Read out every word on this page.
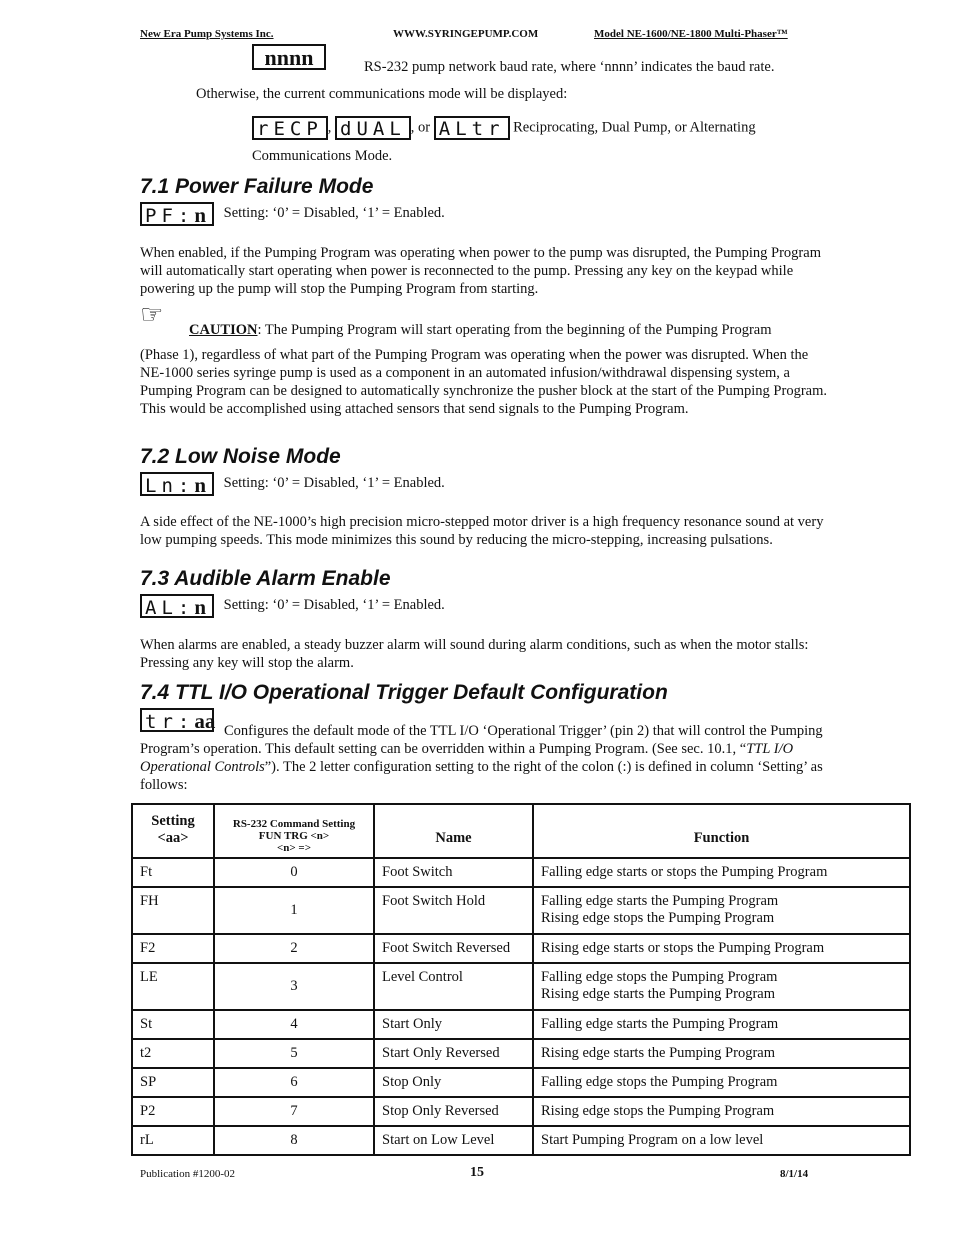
New Era Pump Systems Inc.	WWW.SYRINGEPUMP.COM	Model NE-1600/NE-1800 Multi-Phaser™
nnnn	RS-232 pump network baud rate, where ‘nnnn’ indicates the baud rate.
Otherwise, the current communications mode will be displayed:
rECP , dUAL , or ALtr Reciprocating, Dual Pump, or Alternating
Communications Mode.
7.1 Power Failure Mode
PF:n Setting: ‘0’ = Disabled, ‘1’ = Enabled.

When enabled, if the Pumping Program was operating when power to the pump was disrupted, the Pumping Program will automatically start operating when power is reconnected to the pump. Pressing any key on the keypad while powering up the pump will stop the Pumping Program from starting.

☞ CAUTION: The Pumping Program will start operating from the beginning of the Pumping Program

(Phase 1), regardless of what part of the Pumping Program was operating when the power was disrupted. When the NE-1000 series syringe pump is used as a component in an automated infusion/withdrawal dispensing system, a Pumping Program can be designed to automatically synchronize the pusher block at the start of the Pumping Program. This would be accomplished using attached sensors that send signals to the Pumping Program.

7.2 Low Noise Mode
Ln:n Setting: ‘0’ = Disabled, ‘1’ = Enabled.

A side effect of the NE-1000’s high precision micro-stepped motor driver is a high frequency resonance sound at very low pumping speeds. This mode minimizes this sound by reducing the micro-stepping, increasing pulsations.

7.3 Audible Alarm Enable
AL:n Setting: ‘0’ = Disabled, ‘1’ = Enabled.

When alarms are enabled, a steady buzzer alarm will sound during alarm conditions, such as when the motor stalls: Pressing any key will stop the alarm.

7.4 TTL I/O Operational Trigger Default Configuration
tr:aa Configures the default mode of the TTL I/O ‘Operational Trigger’ (pin 2) that will control the Pumping Program’s operation. This default setting can be overridden within a Pumping Program. (See sec. 10.1, “TTL I/O Operational Controls”). The 2 letter configuration setting to the right of the colon (:) is defined in column ‘Setting’ as follows:

Setting
<aa>	RS-232 Command Setting
FUN TRG <n>
<n> =>	Name	Function
Ft	0	Foot Switch	Falling edge starts or stops the Pumping Program
FH	1	Foot Switch Hold	Falling edge starts the Pumping Program
Rising edge stops the Pumping Program
F2	2	Foot Switch Reversed	Rising edge starts or stops the Pumping Program
LE	3	Level Control	Falling edge stops the Pumping Program
Rising edge starts the Pumping Program
St	4	Start Only	Falling edge starts the Pumping Program
t2	5	Start Only Reversed	Rising edge starts the Pumping Program
SP	6	Stop Only	Falling edge stops the Pumping Program
P2	7	Stop Only Reversed	Rising edge stops the Pumping Program
rL	8	Start on Low Level	Start Pumping Program on a low level
Publication #1200-02	15	8/1/14
